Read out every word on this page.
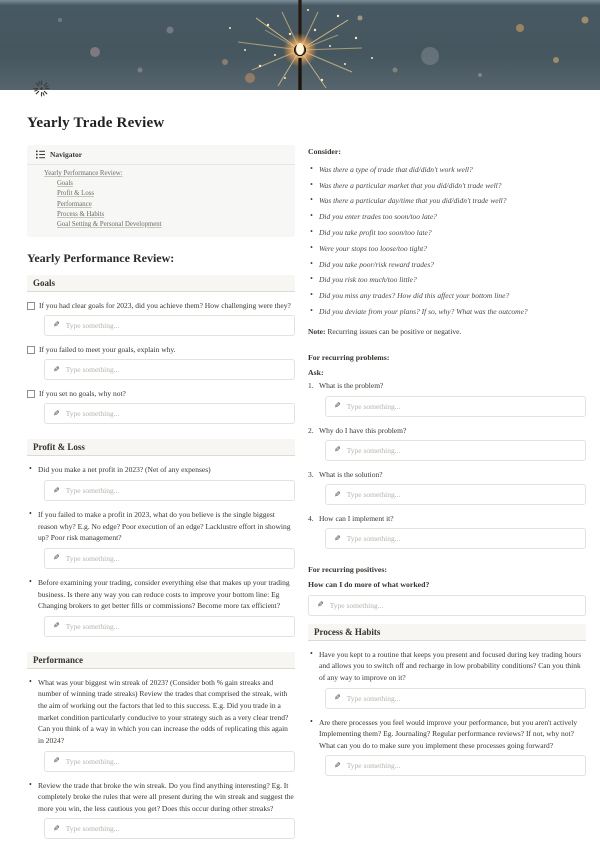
Yearly Trade Review
Navigator
Yearly Performance Review:
Goals
Profit & Loss
Performance
Process & Habits
Goal Setting & Personal Development
Yearly Performance Review:
Goals
If you had clear goals for 2023, did you achieve them? How challenging were they?
✎ Type something...
If you failed to meet your goals, explain why.
✎ Type something...
If you set no goals, why not?
✎ Type something...
Profit & Loss
• Did you make a net profit in 2023? (Net of any expenses)
✎ Type something...
• If you failed to make a profit in 2023, what do you believe is the single biggest reason why? E.g. No edge? Poor execution of an edge? Lacklustre effort in showing up? Poor risk management?
✎ Type something...
• Before examining your trading, consider everything else that makes up your trading business. Is there any way you can reduce costs to improve your bottom line: Eg Changing brokers to get better fills or commissions? Become more tax efficient?
✎ Type something...
Performance
• What was your biggest win streak of 2023? (Consider both % gain streaks and number of winning trade streaks) Review the trades that comprised the streak, with the aim of working out the factors that led to this success. E.g. Did you trade in a market condition particularly conducive to your strategy such as a very clear trend? Can you think of a way in which you can increase the odds of replicating this again in 2024?
✎ Type something...
• Review the trade that broke the win streak. Do you find anything interesting? Eg. It completely broke the rules that were all present during the win streak and suggest the more you win, the less cautious you get? Does this occur during other streaks?
✎ Type something...

Consider:

• Was there a type of trade that did/didn't work well?
• Was there a particular market that you did/didn't trade well?
• Was there a particular day/time that you did/didn't trade well?
• Did you enter trades too soon/too late?
• Did you take profit too soon/too late?
• Were your stops too loose/too tight?
• Did you take poor/risk reward trades?
• Did you risk too much/too little?
• Did you miss any trades? How did this affect your bottom line?
• Did you deviate from your plans? If so, why? What was the outcome?

Note: Recurring issues can be positive or negative.

For recurring problems:

Ask:

What is the problem?
✎ Type something...
Why do I have this problem?
✎ Type something...
What is the solution?
✎ Type something...
How can I implement it?
✎ Type something...

For recurring positives:

How can I do more of what worked?

✎ Type something...
Process & Habits
• Have you kept to a routine that keeps you present and focused during key trading hours and allows you to switch off and recharge in low probability conditions? Can you think of any way to improve on it?
✎ Type something...
• Are there processes you feel would improve your performance, but you aren't actively Implementing them? Eg. Journaling? Regular performance reviews? If not, why not? What can you do to make sure you implement these processes going forward?
✎ Type something...
